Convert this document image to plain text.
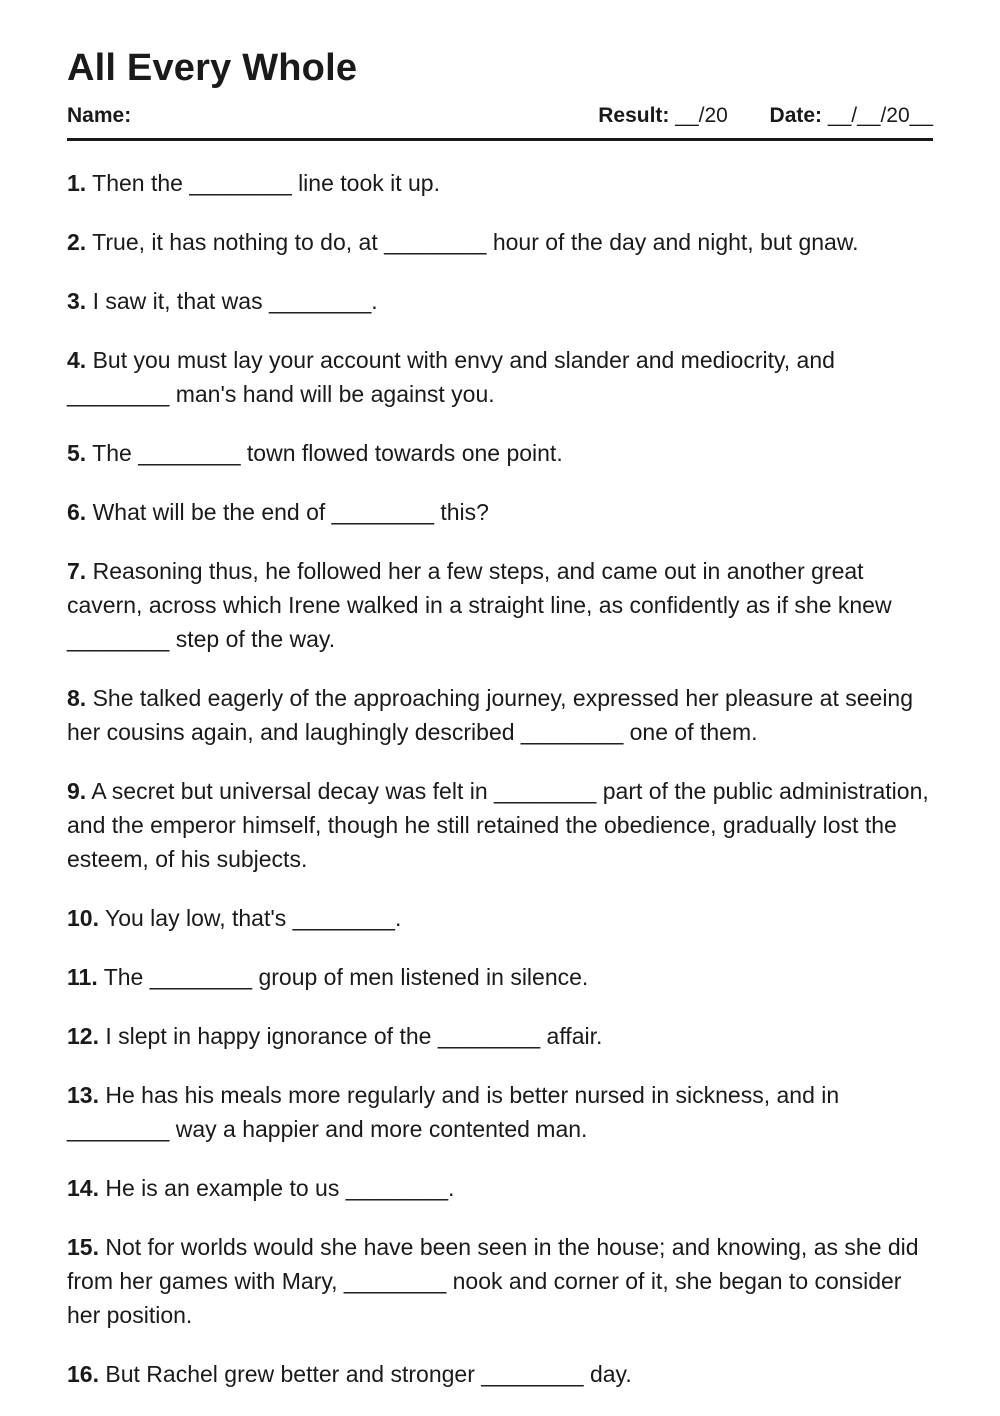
All Every Whole
Name:	Result: __/20 Date: __/__/20__
1. Then the ________ line took it up.
2. True, it has nothing to do, at ________ hour of the day and night, but gnaw.
3. I saw it, that was ________.
4. But you must lay your account with envy and slander and mediocrity, and ________ man's hand will be against you.
5. The ________ town flowed towards one point.
6. What will be the end of ________ this?
7. Reasoning thus, he followed her a few steps, and came out in another great cavern, across which Irene walked in a straight line, as confidently as if she knew ________ step of the way.
8. She talked eagerly of the approaching journey, expressed her pleasure at seeing her cousins again, and laughingly described ________ one of them.
9. A secret but universal decay was felt in ________ part of the public administration, and the emperor himself, though he still retained the obedience, gradually lost the esteem, of his subjects.
10. You lay low, that's ________.
11. The ________ group of men listened in silence.
12. I slept in happy ignorance of the ________ affair.
13. He has his meals more regularly and is better nursed in sickness, and in ________ way a happier and more contented man.
14. He is an example to us ________.
15. Not for worlds would she have been seen in the house; and knowing, as she did from her games with Mary, ________ nook and corner of it, she began to consider her position.
16. But Rachel grew better and stronger ________ day.
